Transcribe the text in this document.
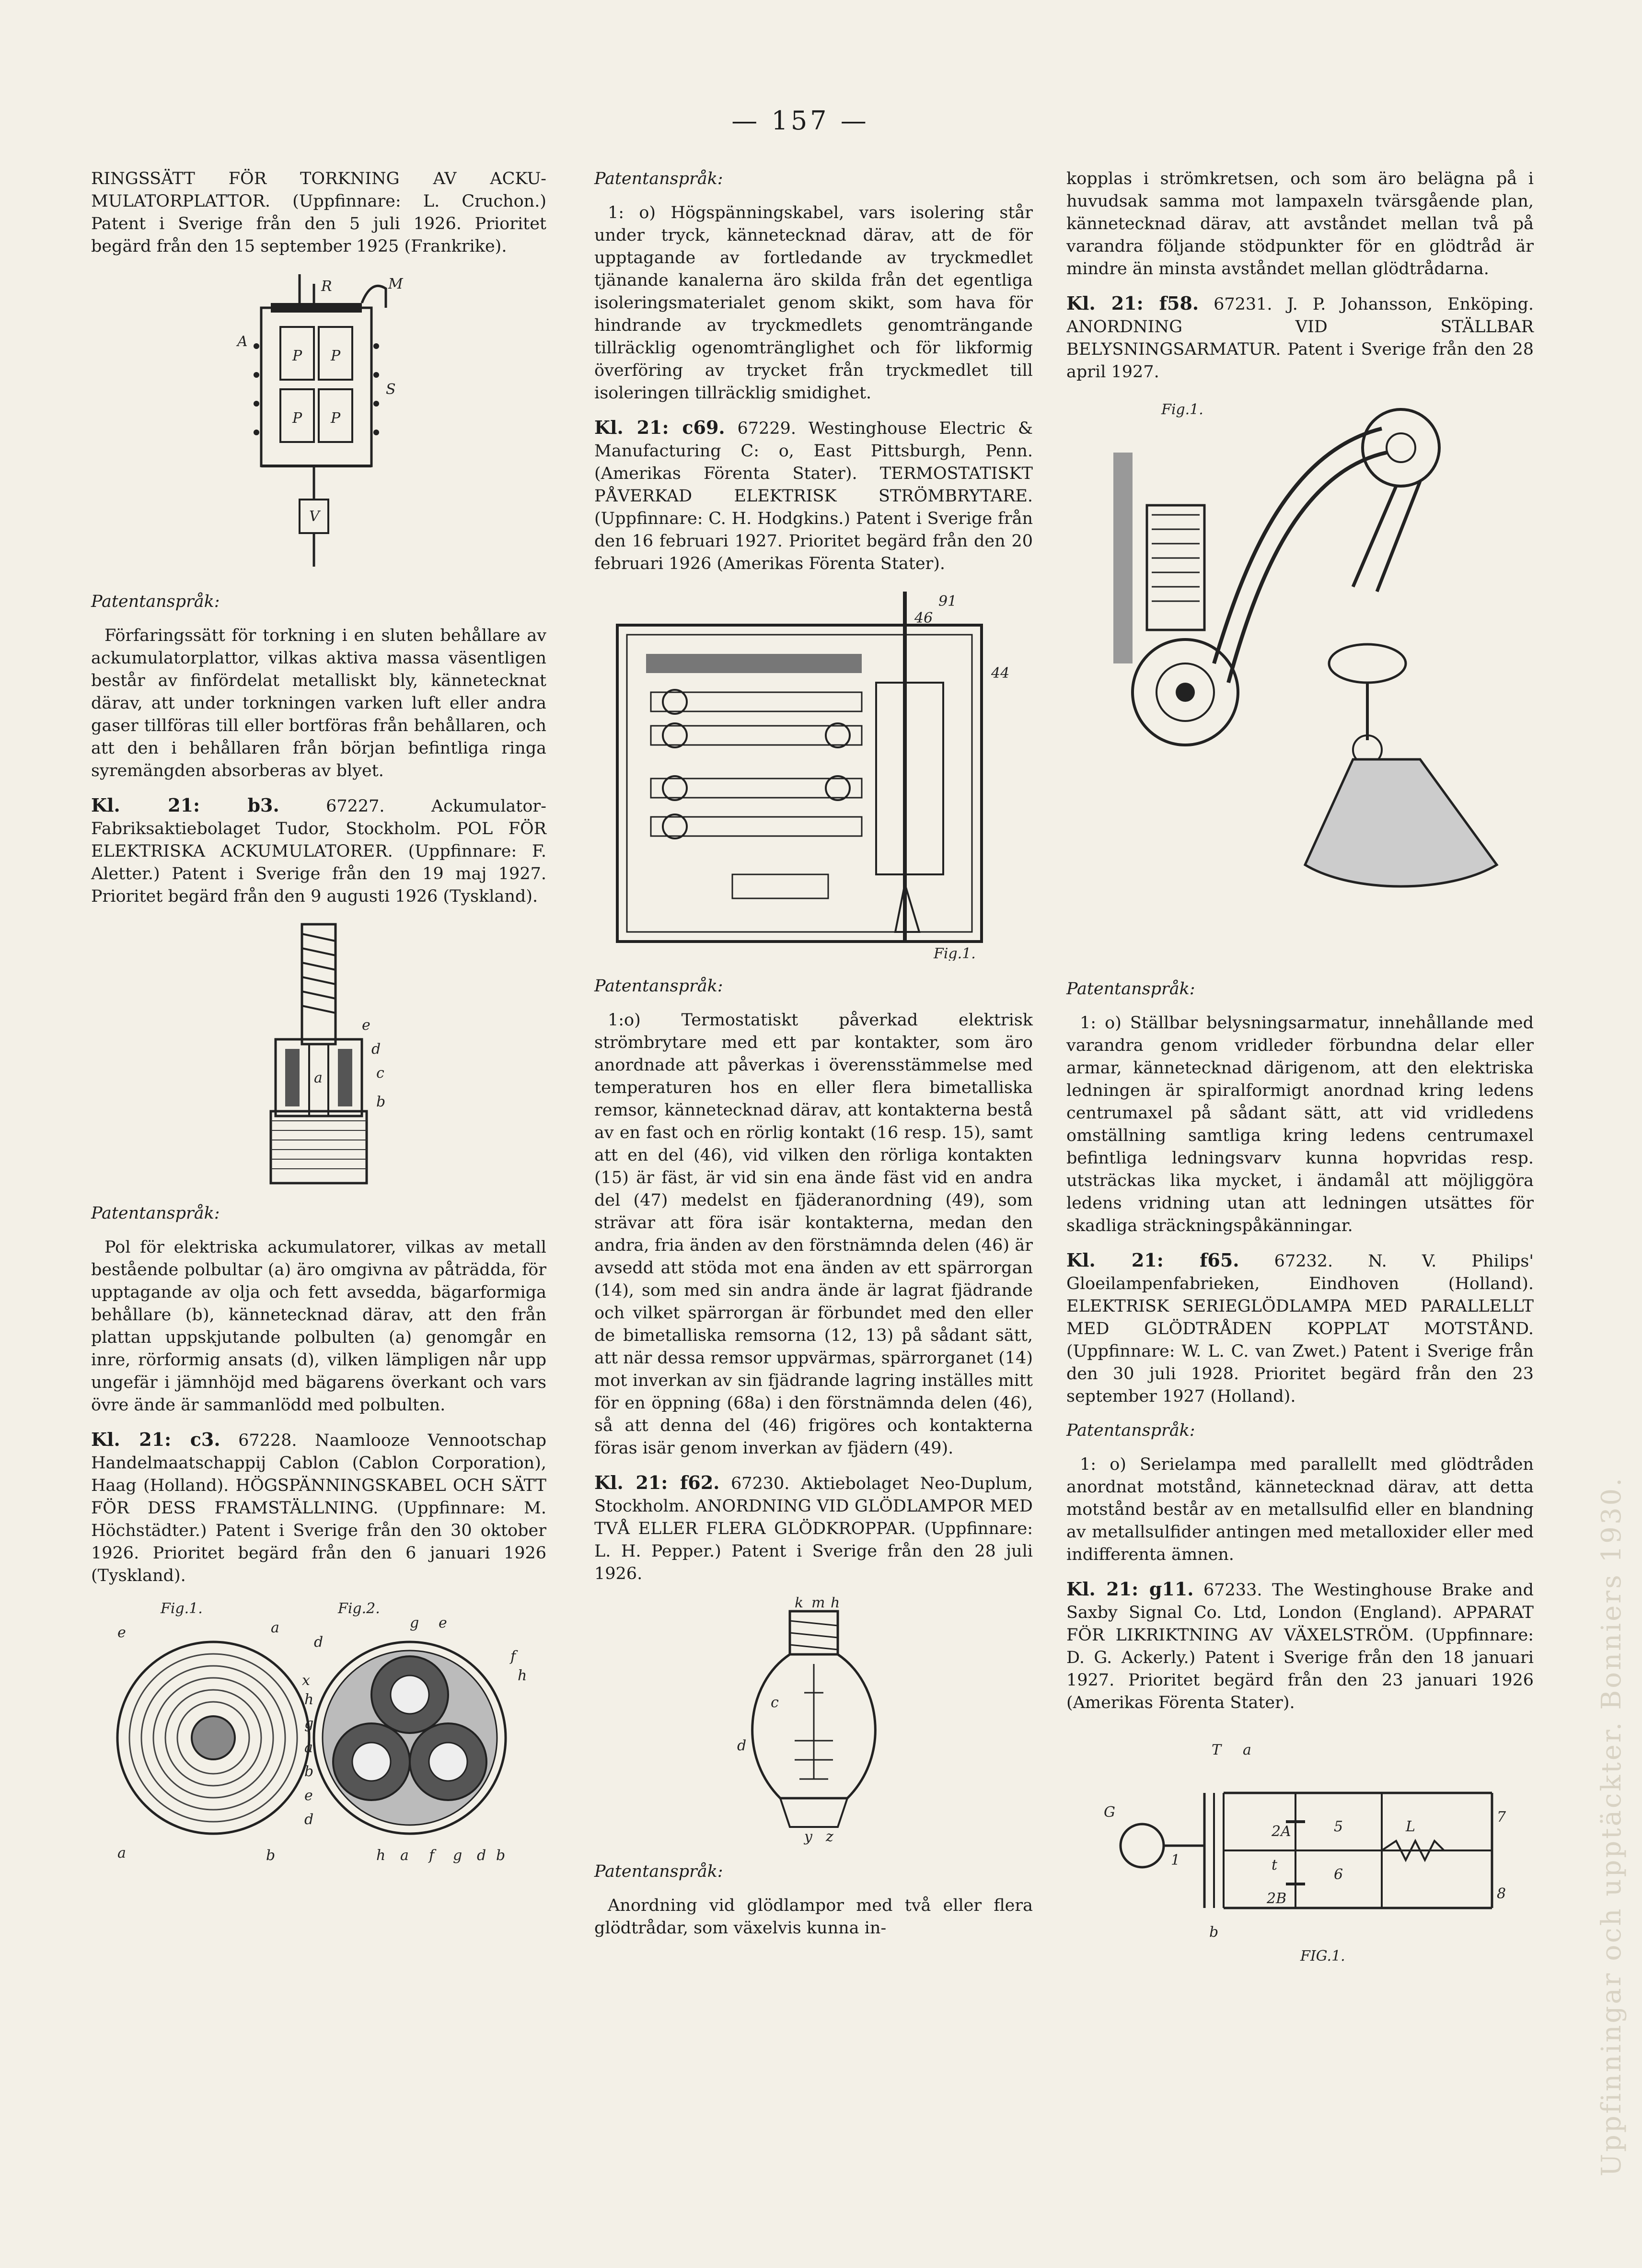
— 157 —

RINGSSÄTT FÖR TORKNING AV ACKU-MULATORPLATTOR. (Uppfinnare: L. Cruchon.) Patent i Sverige från den 5 juli 1926. Prioritet begärd från den 15 september 1925 (Frankrike).

R	M
A
S
P P
P P
V

Patentanspråk:

Förfaringssätt för torkning i en sluten behållare av ackumulatorplattor, vilkas aktiva massa väsentligen består av finfördelat metalliskt bly, kännetecknat därav, att under torkningen varken luft eller andra gaser tillföras till eller bortföras från behållaren, och att den i behållaren från början befintliga ringa syremängden absorberas av blyet.

Kl. 21: b3.	67227. Ackumulator-Fabriksaktiebolaget Tudor, Stockholm. POL FÖR ELEKTRISKA ACKUMULATORER. (Uppfinnare: F. Aletter.) Patent i Sverige från den 19 maj 1927. Prioritet begärd från den 9 augusti 1926 (Tyskland).

e
d
a	c
b

Patentanspråk:

Pol för elektriska ackumulatorer, vilkas av metall bestående polbultar (a) äro omgivna av påträdda, för upptagande av olja och fett avsedda, bägarformiga behållare (b), kännetecknad därav, att den från plattan uppskjutande polbulten (a) genomgår en inre, rörformig ansats (d), vilken lämpligen når upp ungefär i jämnhöjd med bägarens överkant och vars övre ände är sammanlödd med polbulten.

Kl. 21: c3. 67228. Naamlooze Vennootschap Handelmaatschappij Cablon (Cablon Corporation), Haag (Holland). HÖGSPÄNNINGSKABEL OCH SÄTT FÖR DESS FRAMSTÄLLNING. (Uppfinnare: M. Höchstädter.) Patent i Sverige från den 30 oktober 1926. Prioritet begärd från den 6 januari 1926 (Tyskland).

Fig.1.	Fig.2.
e	a
a	b
g e
f
d
h
x
h
g
a
b
e
d
h a f g d b

Patentanspråk:

1: o) Högspänningskabel, vars isolering står under tryck, kännetecknad därav, att de för upptagande av fortledande av tryckmedlet tjänande kanalerna äro skilda från det egentliga isoleringsmaterialet genom skikt, som hava för hindrande av tryckmedlets genomträngande tillräcklig ogenomtränglighet och för likformig överföring av trycket från tryckmedlet till isoleringen tillräcklig smidighet.

Kl. 21: c69. 67229. Westinghouse Electric & Manufacturing C: o, East Pittsburgh, Penn. (Amerikas Förenta Stater). TERMOSTATISKT PÅVERKAD ELEKTRISK STRÖMBRYTARE. (Uppfinnare: C. H. Hodgkins.) Patent i Sverige från den 16 februari 1927. Prioritet begärd från den 20 februari 1926 (Amerikas Förenta Stater).

91
46
44
Fig.1.

Patentanspråk:

1:o) Termostatiskt påverkad elektrisk strömbrytare med ett par kontakter, som äro anordnade att påverkas i överensstämmelse med temperaturen hos en eller flera bimetalliska remsor, kännetecknad därav, att kontakterna bestå av en fast och en rörlig kontakt (16 resp. 15), samt att en del (46), vid vilken den rörliga kontakten (15) är fäst, är vid sin ena ände fäst vid en andra del (47) medelst en fjäderanordning (49), som strävar att föra isär kontakterna, medan den andra, fria änden av den förstnämnda delen (46) är avsedd att stöda mot ena änden av ett spärrorgan (14), som med sin andra ände är lagrat fjädrande och vilket spärrorgan är förbundet med den eller de bimetalliska remsorna (12, 13) på sådant sätt, att när dessa remsor uppvärmas, spärrorganet (14) mot inverkan av sin fjädrande lagring inställes mitt för en öppning (68a) i den förstnämnda delen (46), så att denna del (46) frigöres och kontakterna föras isär genom inverkan av fjädern (49).

Kl. 21: f62. 67230. Aktiebolaget Neo-Duplum, Stockholm. ANORDNING VID GLÖDLAMPOR MED TVÅ ELLER FLERA GLÖDKROPPAR. (Uppfinnare: L. H. Pepper.) Patent i Sverige från den 28 juli 1926.

k m h
c
d
y z

Patentanspråk:

Anordning vid glödlampor med två eller flera glödtrådar, som växelvis kunna in-

kopplas i strömkretsen, och som äro belägna på i huvudsak samma mot lampaxeln tvärsgående plan, kännetecknad därav, att avståndet mellan två på varandra följande stödpunkter för en glödtråd är mindre än minsta avståndet mellan glödtrådarna.

Kl. 21: f58. 67231. J. P. Johansson, Enköping. ANORDNING VID STÄLLBAR BELYSNINGSARMATUR. Patent i Sverige från den 28 april 1927.

Fig.1.

Patentanspråk:

1: o) Ställbar belysningsarmatur, innehållande med varandra genom vridleder förbundna delar eller armar, kännetecknad därigenom, att den elektriska ledningen är spiralformigt anordnad kring ledens centrumaxel på sådant sätt, att vid vridledens omställning samtliga kring ledens centrumaxel befintliga ledningsvarv kunna hopvridas resp. utsträckas lika mycket, i ändamål att möjliggöra ledens vridning utan att ledningen utsättes för skadliga sträckningspåkänningar.

Kl. 21: f65. 67232. N. V. Philips' Gloeilampenfabrieken, Eindhoven (Holland). ELEKTRISK SERIEGLÖDLAMPA MED PARALLELLT MED GLÖDTRÅDEN KOPPLAT MOTSTÅND. (Uppfinnare: W. L. C. van Zwet.) Patent i Sverige från den 30 juli 1928. Prioritet begärd från den 23 september 1927 (Holland).

Patentanspråk:

1: o) Serielampa med parallellt med glödtråden anordnat motstånd, kännetecknad därav, att detta motstånd består av en metallsulfid eller en blandning av metallsulfider antingen med metalloxider eller med indifferenta ämnen.

Kl. 21: g11. 67233. The Westinghouse Brake and Saxby Signal Co. Ltd, London (England). APPARAT FÖR LIKRIKTNING AV VÄXELSTRÖM. (Uppfinnare: D. G. Ackerly.) Patent i Sverige från den 18 januari 1927. Prioritet begärd från den 23 januari 1926 (Amerikas Förenta Stater).

T a
G
2A	5
7
1
L
t
6
2B	8
b
FIG.1.	Uppfinningar och upptäckter. Bonniers 1930.
